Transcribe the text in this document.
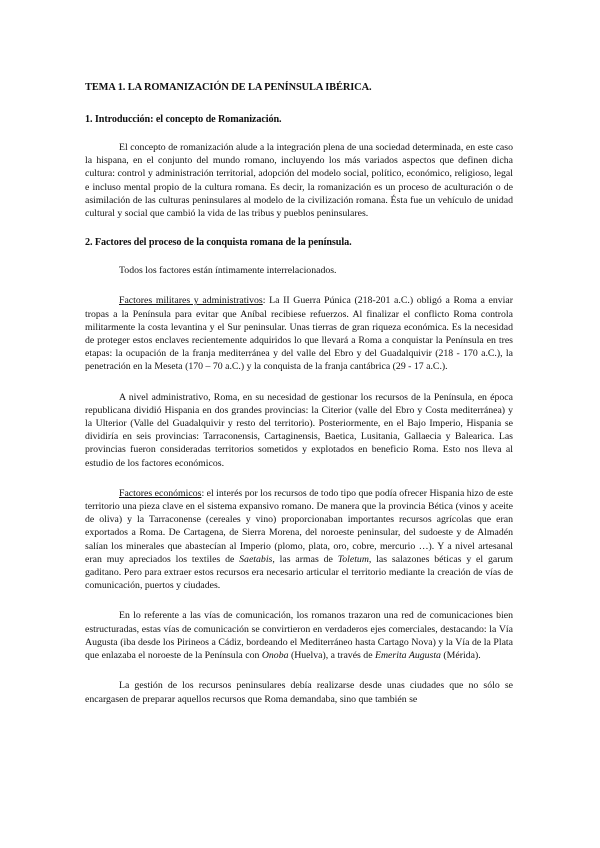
TEMA 1. LA ROMANIZACIÓN DE LA PENÍNSULA IBÉRICA.
1. Introducción: el concepto de Romanización.

El concepto de romanización alude a la integración plena de una sociedad determinada, en este caso la hispana, en el conjunto del mundo romano, incluyendo los más variados aspectos que definen dicha cultura: control y administración territorial, adopción del modelo social, político, económico, religioso, legal e incluso mental propio de la cultura romana. Es decir, la romanización es un proceso de aculturación o de asimilación de las culturas peninsulares al modelo de la civilización romana. Ésta fue un vehículo de unidad cultural y social que cambió la vida de las tribus y pueblos peninsulares.

2. Factores del proceso de la conquista romana de la península.

Todos los factores están íntimamente interrelacionados.

Factores militares y administrativos: La II Guerra Púnica (218-201 a.C.) obligó a Roma a enviar tropas a la Península para evitar que Aníbal recibiese refuerzos. Al finalizar el conflicto Roma controla militarmente la costa levantina y el Sur peninsular. Unas tierras de gran riqueza económica. Es la necesidad de proteger estos enclaves recientemente adquiridos lo que llevará a Roma a conquistar la Península en tres etapas: la ocupación de la franja mediterránea y del valle del Ebro y del Guadalquivir (218 - 170 a.C.), la penetración en la Meseta (170 – 70 a.C.) y la conquista de la franja cantábrica (29 - 17 a.C.).

A nivel administrativo, Roma, en su necesidad de gestionar los recursos de la Península, en época republicana dividió Hispania en dos grandes provincias: la Citerior (valle del Ebro y Costa mediterránea) y la Ulterior (Valle del Guadalquivir y resto del territorio). Posteriormente, en el Bajo Imperio, Hispania se dividiría en seis provincias: Tarraconensis, Cartaginensis, Baetica, Lusitania, Gallaecia y Balearica. Las provincias fueron consideradas territorios sometidos y explotados en beneficio Roma. Esto nos lleva al estudio de los factores económicos.

Factores económicos: el interés por los recursos de todo tipo que podía ofrecer Hispania hizo de este territorio una pieza clave en el sistema expansivo romano. De manera que la provincia Bética (vinos y aceite de oliva) y la Tarraconense (cereales y vino) proporcionaban importantes recursos agrícolas que eran exportados a Roma. De Cartagena, de Sierra Morena, del noroeste peninsular, del sudoeste y de Almadén salían los minerales que abastecían al Imperio (plomo, plata, oro, cobre, mercurio …). Y a nivel artesanal eran muy apreciados los textiles de Saetabis, las armas de Toletum, las salazones béticas y el garum gaditano. Pero para extraer estos recursos era necesario articular el territorio mediante la creación de vías de comunicación, puertos y ciudades.

En lo referente a las vías de comunicación, los romanos trazaron una red de comunicaciones bien estructuradas, estas vías de comunicación se convirtieron en verdaderos ejes comerciales, destacando: la Vía Augusta (iba desde los Pirineos a Cádiz, bordeando el Mediterráneo hasta Cartago Nova) y la Vía de la Plata que enlazaba el noroeste de la Península con Onoba (Huelva), a través de Emerita Augusta (Mérida).

La gestión de los recursos peninsulares debía realizarse desde unas ciudades que no sólo se encargasen de preparar aquellos recursos que Roma demandaba, sino que también se
